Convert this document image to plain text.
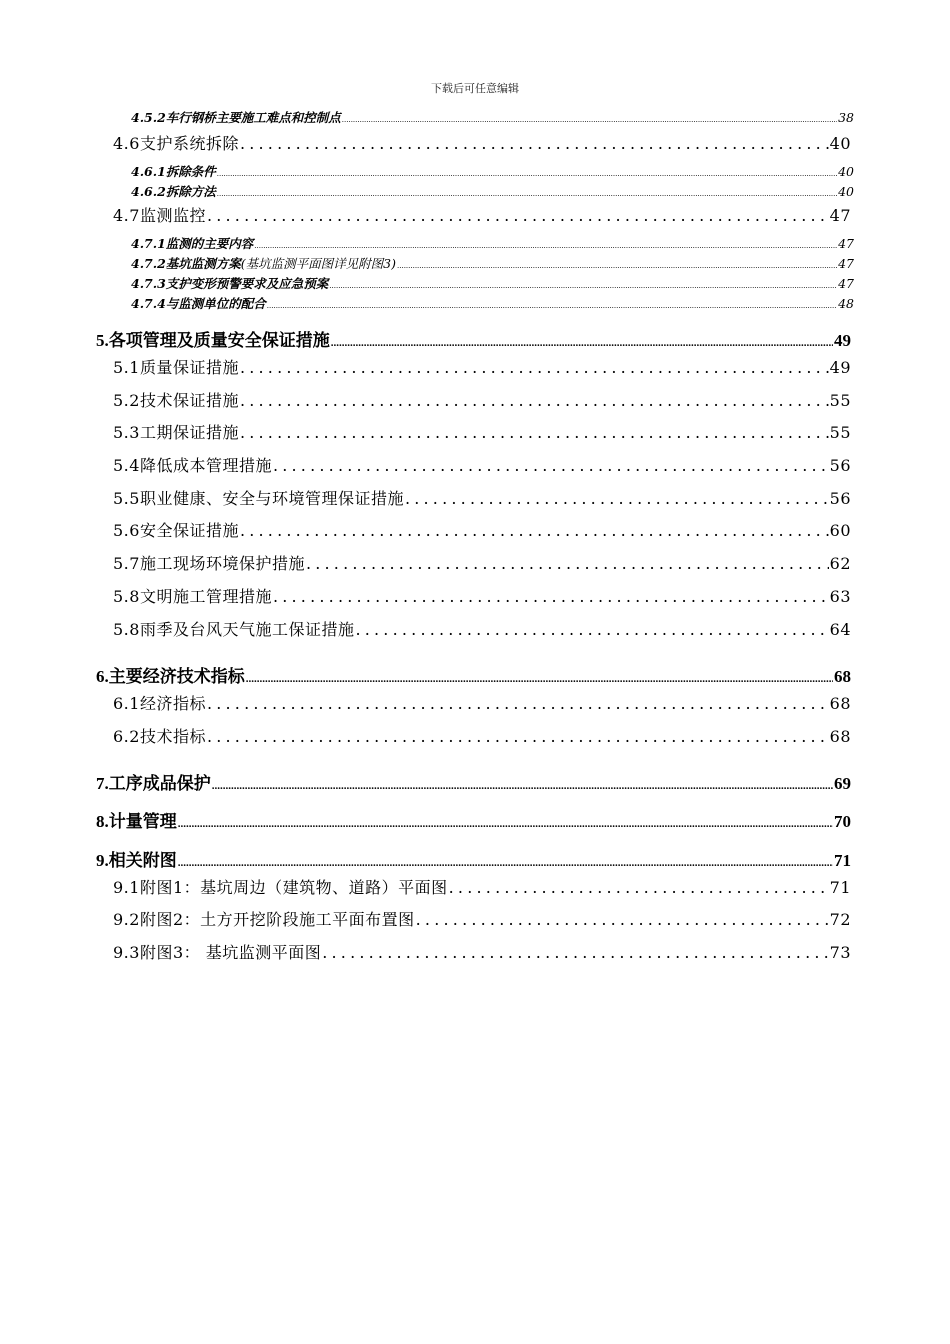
下载后可任意编辑
4.5.2车行钢桥主要施工难点和控制点 .....	38
4.6支护系统拆除 .....	40
4.6.1拆除条件 .....	40
4.6.2拆除方法 .....	40
4.7监测监控 .....	47
4.7.1监测的主要内容 .....	47
4.7.2基坑监测方案 (基坑监测平面图详见附图3) .....	47
4.7.3支护变形预警要求及应急预案 .....	47
4.7.4与监测单位的配合 .....	48
5.各项管理及质量安全保证措施 .....	49
5.1质量保证措施 .....	49
5.2技术保证措施 .....	55
5.3工期保证措施 .....	55
5.4降低成本管理措施 .....	56
5.5职业健康、安全与环境管理保证措施 .....	56
5.6安全保证措施 .....	60
5.7施工现场环境保护措施 .....	62
5.8文明施工管理措施 .....	63
5.8雨季及台风天气施工保证措施 .....	64
6.主要经济技术指标 .....	68
6.1经济指标 .....	68
6.2技术指标 .....	68
7.工序成品保护 .....	69
8.计量管理 .....	70
9.相关附图 .....	71
9.1附图1：基坑周边（建筑物、道路）平面图 .....	71
9.2附图2：土方开挖阶段施工平面布置图 .....	72
9.3附图3： 基坑监测平面图 .....	73
